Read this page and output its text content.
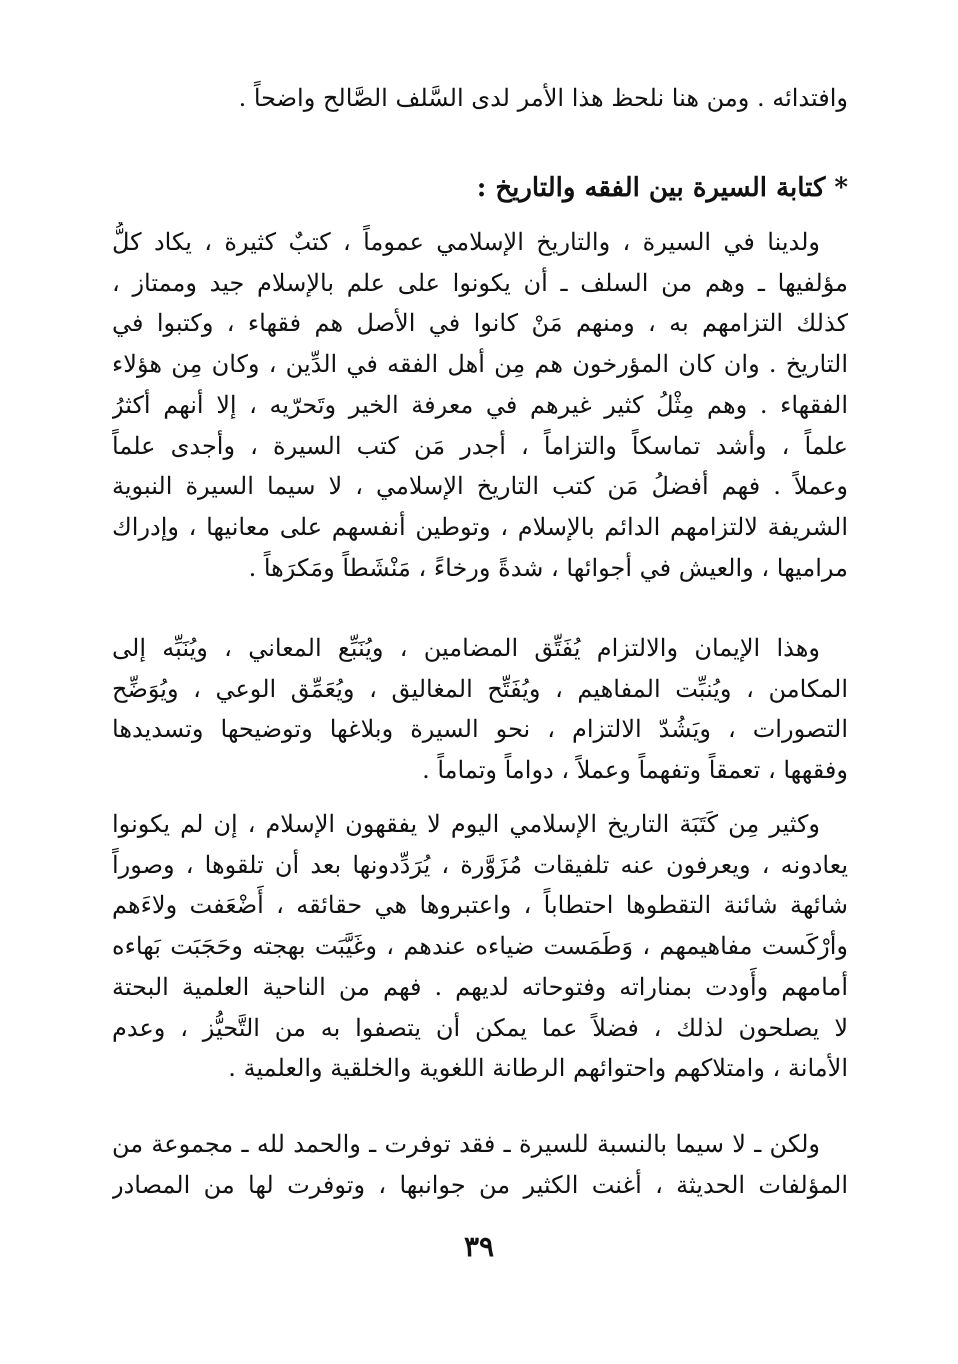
وافتدائه . ومن هنا نلحظ هذا الأمر لدى السَّلف الصَّالح واضحاً .
* كتابة السيرة بين الفقه والتاريخ :
ولدينا في السيرة ، والتاريخ الإسلامي عموماً ، كتبٌ كثيرة ، يكاد كلُّ
مؤلفيها ـ وهم من السلف ـ أن يكونوا على علم بالإسلام جيد وممتاز ،
كذلك التزامهم به ، ومنهم مَنْ كانوا في الأصل هم فقهاء ، وكتبوا في
التاريخ . وان كان المؤرخون هم مِن أهل الفقه في الدِّين ، وكان مِن هؤلاء
الفقهاء . وهم مِثْلُ كثير غيرهم في معرفة الخير وتَحرّيه ، إلا أنهم أكثرُ
علماً ، وأشد تماسكاً والتزاماً ، أجدر مَن كتب السيرة ، وأجدى علماً
وعملاً . فهم أفضلُ مَن كتب التاريخ الإسلامي ، لا سيما السيرة النبوية
الشريفة لالتزامهم الدائم بالإسلام ، وتوطين أنفسهم على معانيها ، وإدراك
مراميها ، والعيش في أجوائها ، شدةً ورخاءً ، مَنْشَطاً ومَكرَهاً .
وهذا الإيمان والالتزام يُفَتِّق المضامين ، ويُنَبِّع المعاني ، ويُنَبِّه إلى
المكامن ، ويُنبِّت المفاهيم ، ويُفَتِّح المغاليق ، ويُعَمِّق الوعي ، ويُوَضِّح
التصورات ، ويَشُدّ الالتزام ، نحو السيرة وبلاغها وتوضيحها وتسديدها
وفقهها ، تعمقاً وتفهماً وعملاً ، دواماً وتماماً .
وكثير مِن كَتَبَة التاريخ الإسلامي اليوم لا يفقهون الإسلام ، إن لم يكونوا
يعادونه ، ويعرفون عنه تلفيقات مُزَوَّرة ، يُرَدِّدونها بعد أن تلقوها ، وصوراً
شائهة شائنة التقطوها احتطاباً ، واعتبروها هي حقائقه ، أَضْعَفت ولاءَهم
وأرْكَست مفاهيمهم ، وَطَمَست ضياءه عندهم ، وغَيَّبَت بهجته وحَجَبَت بَهاءه
أمامهم وأَودت بمناراته وفتوحاته لديهم . فهم من الناحية العلمية البحتة
لا يصلحون لذلك ، فضلاً عما يمكن أن يتصفوا به من التَّحيُّز ، وعدم
الأمانة ، وامتلاكهم واحتوائهم الرطانة اللغوية والخلقية والعلمية .
ولكن ـ لا سيما بالنسبة للسيرة ـ فقد توفرت ـ والحمد لله ـ مجموعة من
المؤلفات الحديثة ، أغنت الكثير من جوانبها ، وتوفرت لها من المصادر
٣٩
